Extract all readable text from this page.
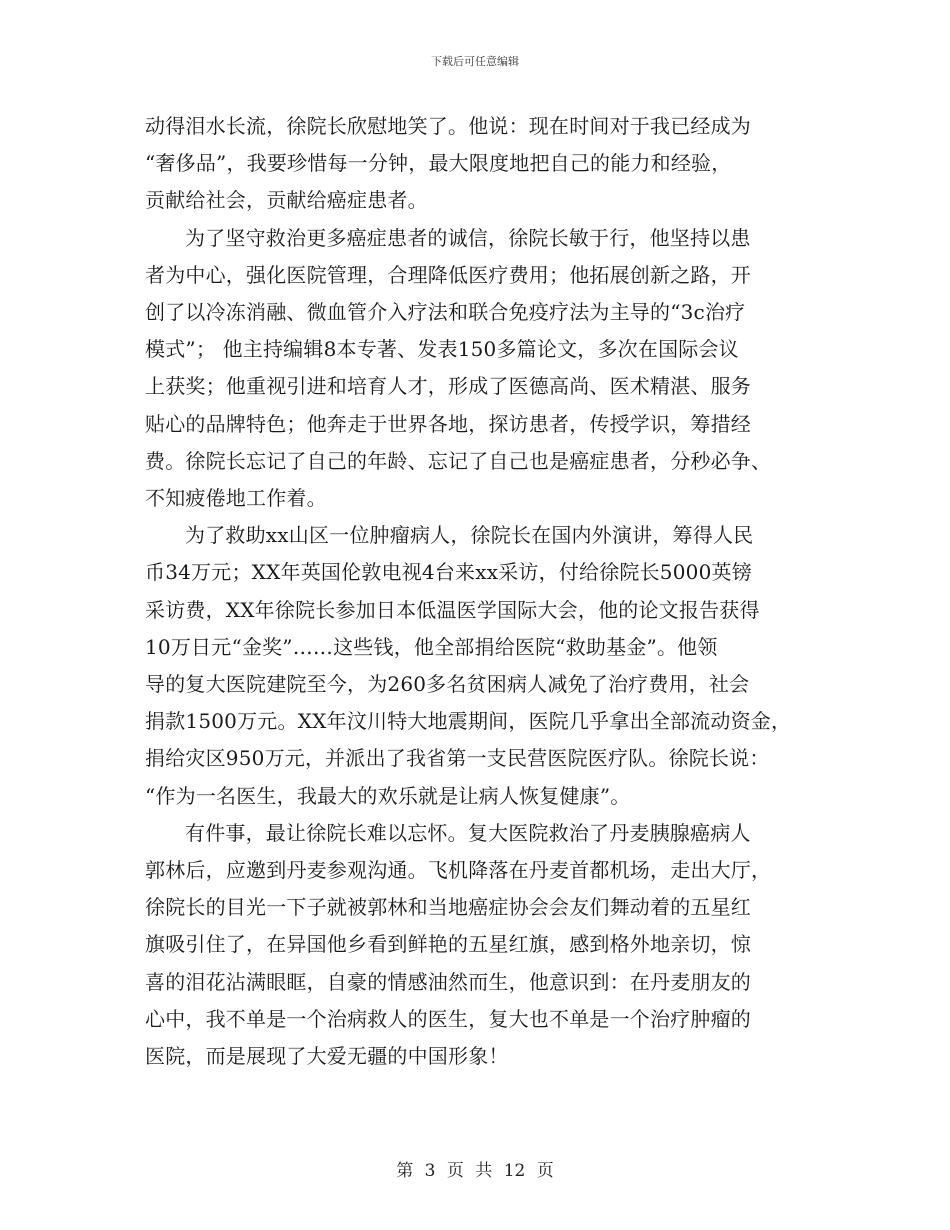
下载后可任意编辑

动得泪水长流，徐院长欣慰地笑了。他说：现在时间对于我已经成为
“奢侈品”，我要珍惜每一分钟，最大限度地把自己的能力和经验，
贡献给社会，贡献给癌症患者。

为了坚守救治更多癌症患者的诚信，徐院长敏于行，他坚持以患
者为中心，强化医院管理，合理降低医疗费用；他拓展创新之路，开
创了以冷冻消融、微血管介入疗法和联合免疫疗法为主导的“3c治疗
模式”； 他主持编辑8本专著、发表150多篇论文，多次在国际会议
上获奖；他重视引进和培育人才，形成了医德高尚、医术精湛、服务
贴心的品牌特色；他奔走于世界各地，探访患者，传授学识，筹措经
费。徐院长忘记了自己的年龄、忘记了自己也是癌症患者，分秒必争、
不知疲倦地工作着。

为了救助xx山区一位肿瘤病人，徐院长在国内外演讲，筹得人民
币34万元；XX年英国伦敦电视4台来xx采访，付给徐院长5000英镑
采访费，XX年徐院长参加日本低温医学国际大会，他的论文报告获得
10万日元“金奖”……这些钱，他全部捐给医院“救助基金”。他领
导的复大医院建院至今，为260多名贫困病人减免了治疗费用，社会
捐款1500万元。XX年汶川特大地震期间，医院几乎拿出全部流动资金，
捐给灾区950万元，并派出了我省第一支民营医院医疗队。徐院长说：
“作为一名医生，我最大的欢乐就是让病人恢复健康”。

有件事，最让徐院长难以忘怀。复大医院救治了丹麦胰腺癌病人
郭林后，应邀到丹麦参观沟通。飞机降落在丹麦首都机场，走出大厅，
徐院长的目光一下子就被郭林和当地癌症协会会友们舞动着的五星红
旗吸引住了，在异国他乡看到鲜艳的五星红旗，感到格外地亲切，惊
喜的泪花沾满眼眶，自豪的情感油然而生，他意识到：在丹麦朋友的
心中，我不单是一个治病救人的医生，复大也不单是一个治疗肿瘤的
医院，而是展现了大爱无疆的中国形象！

第 3 页 共 12 页
